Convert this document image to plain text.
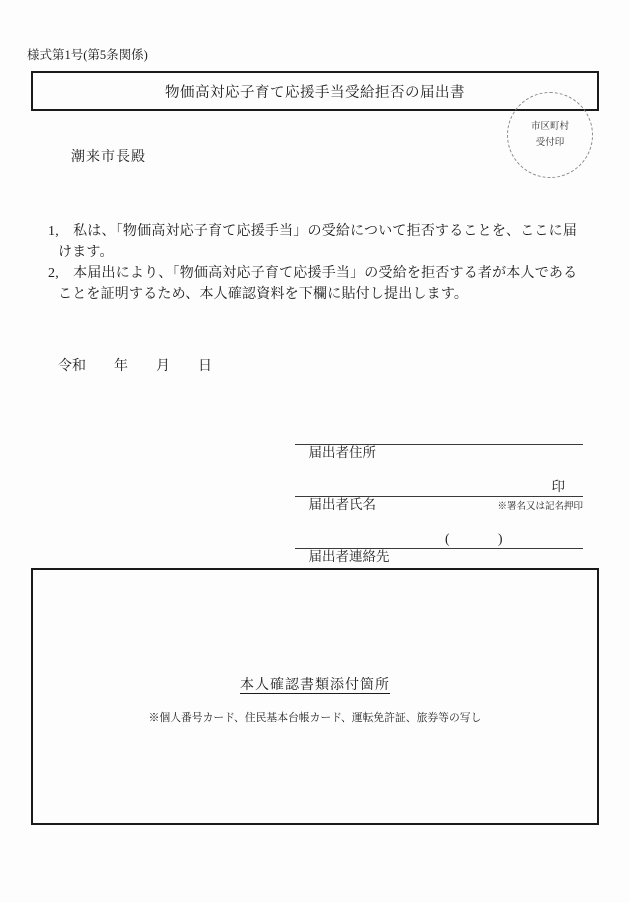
様式第1号(第5条関係)
物価高対応子育て応援手当受給拒否の届出書
市区町村
受付印
潮来市長殿
1,　私は、「物価高対応子育て応援手当」の受給について拒否することを、ここに届
けます。
2,　本届出により、「物価高対応子育て応援手当」の受給を拒否する者が本人である
ことを証明するため、本人確認資料を下欄に貼付し提出します。
令和　　年　　月　　日

届出者住所

届出者氏名

印

※署名又は記名押印

届出者連絡先

(　　　)

本人確認書類添付箇所

※個人番号カード、住民基本台帳カード、運転免許証、旅券等の写し
